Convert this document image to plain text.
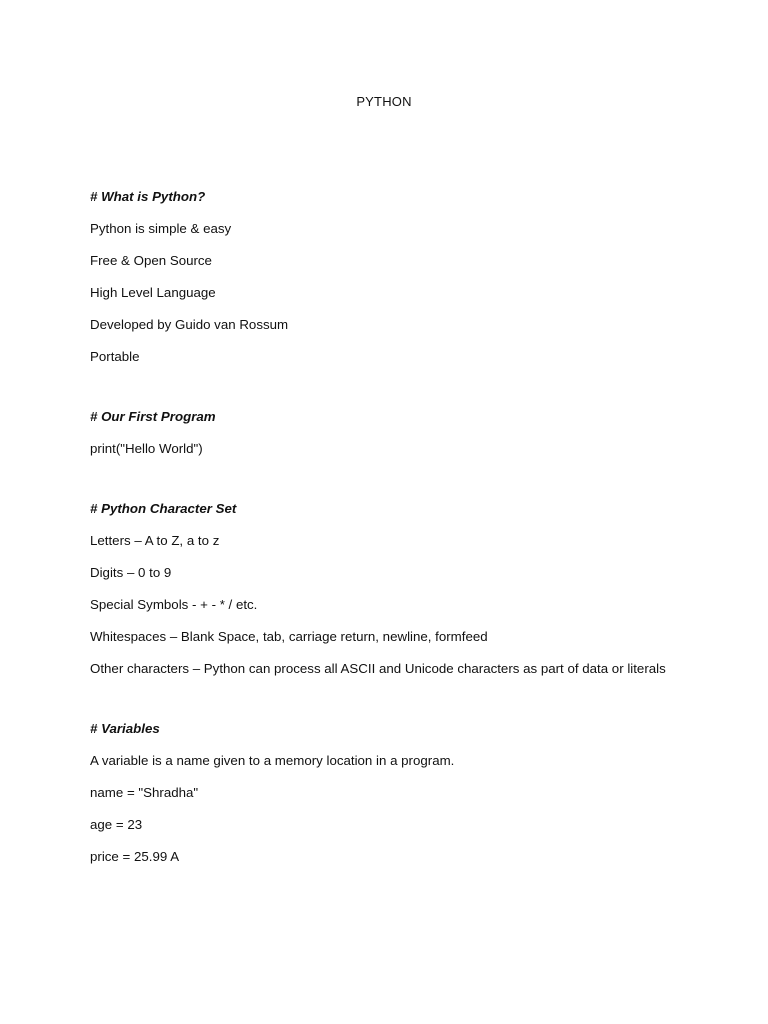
PYTHON
# What is Python?
Python is simple & easy
Free & Open Source
High Level Language
Developed by Guido van Rossum
Portable
# Our First Program
print("Hello World")
# Python Character Set
Letters – A to Z, a to z
Digits – 0 to 9
Special Symbols - + - * / etc.
Whitespaces – Blank Space, tab, carriage return, newline, formfeed
Other characters – Python can process all ASCII and Unicode characters as part of data or literals
# Variables
A variable is a name given to a memory location in a program.
name = "Shradha"
age = 23
price = 25.99 A
